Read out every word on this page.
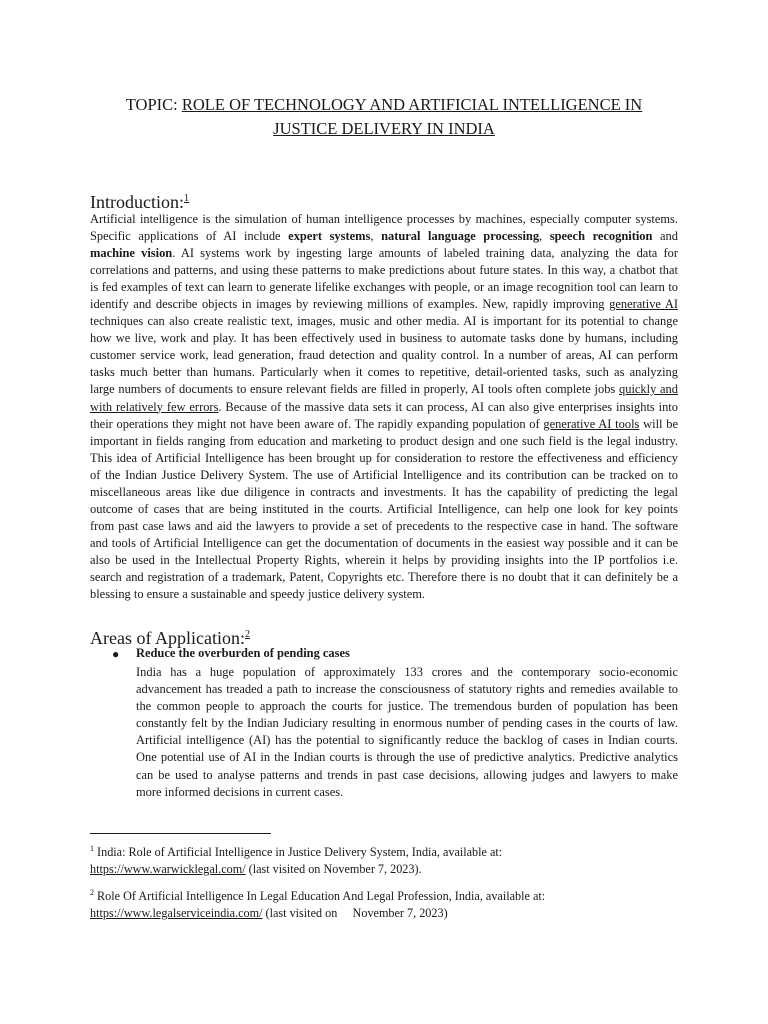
TOPIC: ROLE OF TECHNOLOGY AND ARTIFICIAL INTELLIGENCE IN
JUSTICE DELIVERY IN INDIA
Introduction:$^1$
Artificial intelligence is the simulation of human intelligence processes by machines, especially computer systems.
Specific applications of AI include expert systems, natural language processing, speech recognition and
machine vision. AI systems work by ingesting large amounts of labeled training data, analyzing the data for
correlations and patterns, and using these patterns to make predictions about future states. In this way, a chatbot that
is fed examples of text can learn to generate lifelike exchanges with people, or an image recognition tool can learn to
identify and describe objects in images by reviewing millions of examples. New, rapidly improving generative AI
techniques can also create realistic text, images, music and other media. AI is important for its potential to change
how we live, work and play. It has been effectively used in business to automate tasks done by humans, including
customer service work, lead generation, fraud detection and quality control. In a number of areas, AI can perform
tasks much better than humans. Particularly when it comes to repetitive, detail-oriented tasks, such as analyzing
large numbers of documents to ensure relevant fields are filled in properly, AI tools often complete jobs quickly and
with relatively few errors. Because of the massive data sets it can process, AI can also give enterprises insights into
their operations they might not have been aware of. The rapidly expanding population of generative AI tools will be
important in fields ranging from education and marketing to product design and one such field is the legal industry.
This idea of Artificial Intelligence has been brought up for consideration to restore the effectiveness and efficiency
of the Indian Justice Delivery System. The use of Artificial Intelligence and its contribution can be tracked on to
miscellaneous areas like due diligence in contracts and investments. It has the capability of predicting the legal
outcome of cases that are being instituted in the courts. Artificial Intelligence, can help one look for key points
from past case laws and aid the lawyers to provide a set of precedents to the respective case in hand. The software
and tools of Artificial Intelligence can get the documentation of documents in the easiest way possible and it can be
also be used in the Intellectual Property Rights, wherein it helps by providing insights into the IP portfolios i.e.
search and registration of a trademark, Patent, Copyrights etc. Therefore there is no doubt that it can definitely be a
blessing to ensure a sustainable and speedy justice delivery system.
Areas of Application:$^2$
● Reduce the overburden of pending cases
India has a huge population of approximately 133 crores and the contemporary socio-economic
advancement has treaded a path to increase the consciousness of statutory rights and remedies available to
the common people to approach the courts for justice. The tremendous burden of population has been
constantly felt by the Indian Judiciary resulting in enormous number of pending cases in the courts of law.
Artificial intelligence (AI) has the potential to significantly reduce the backlog of cases in Indian courts.
One potential use of AI in the Indian courts is through the use of predictive analytics. Predictive analytics
can be used to analyse patterns and trends in past case decisions, allowing judges and lawyers to make
more informed decisions in current cases.
$^1$ India: Role of Artificial Intelligence in Justice Delivery System, India, available at:
https://www.warwicklegal.com/ (last visited on November 7, 2023).
$^2$ Role Of Artificial Intelligence In Legal Education And Legal Profession, India, available at:
https://www.legalserviceindia.com/ (last visited on     November 7, 2023)
